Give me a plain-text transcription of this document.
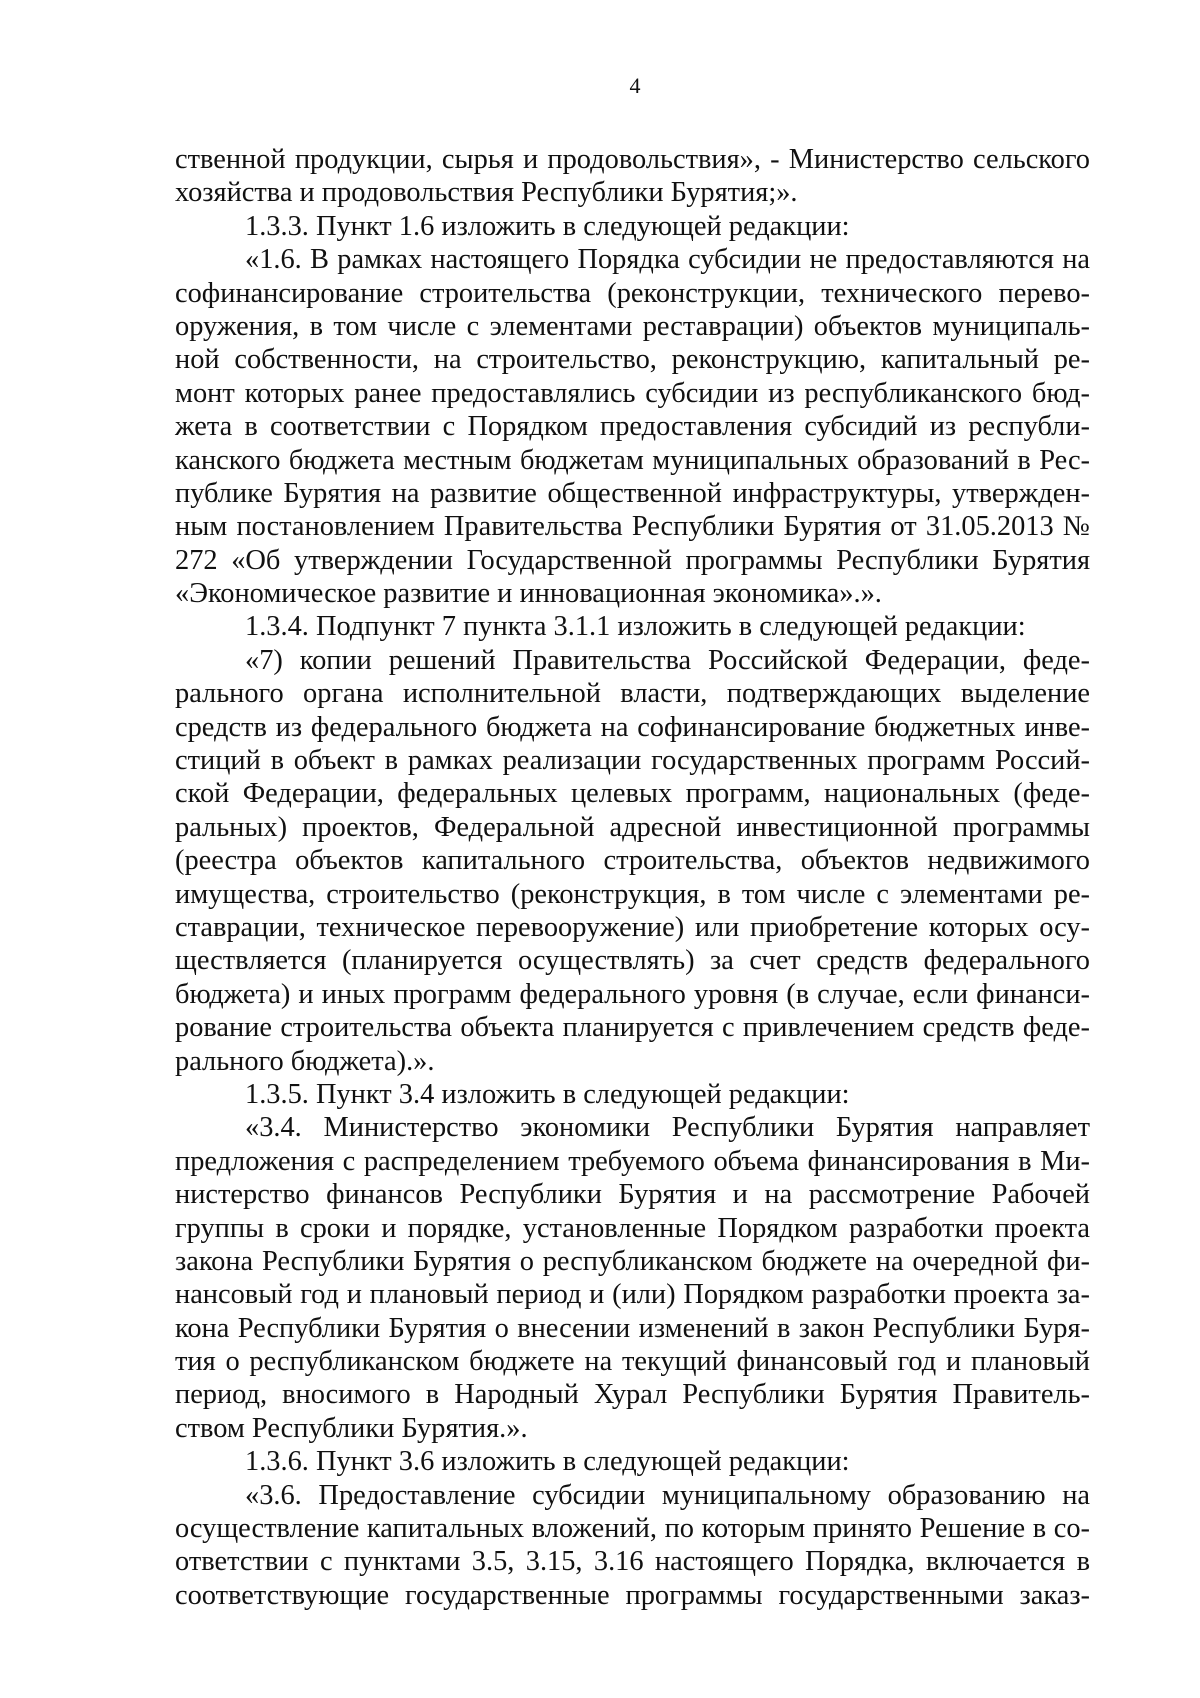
4
ственной продукции, сырья и продовольствия», - Министерство сельского
хозяйства и продовольствия Республики Бурятия;».
1.3.3. Пункт 1.6 изложить в следующей редакции:
«1.6. В рамках настоящего Порядка субсидии не предоставляются на
софинансирование строительства (реконструкции, технического перево-
оружения, в том числе с элементами реставрации) объектов муниципаль-
ной собственности, на строительство, реконструкцию, капитальный ре-
монт которых ранее предоставлялись субсидии из республиканского бюд-
жета в соответствии с Порядком предоставления субсидий из республи-
канского бюджета местным бюджетам муниципальных образований в Рес-
публике Бурятия на развитие общественной инфраструктуры, утвержден-
ным постановлением Правительства Республики Бурятия от 31.05.2013 №
272 «Об утверждении Государственной программы Республики Бурятия
«Экономическое развитие и инновационная экономика».».
1.3.4. Подпункт 7 пункта 3.1.1 изложить в следующей редакции:
«7) копии решений Правительства Российской Федерации, феде-
рального органа исполнительной власти, подтверждающих выделение
средств из федерального бюджета на софинансирование бюджетных инве-
стиций в объект в рамках реализации государственных программ Россий-
ской Федерации, федеральных целевых программ, национальных (феде-
ральных) проектов, Федеральной адресной инвестиционной программы
(реестра объектов капитального строительства, объектов недвижимого
имущества, строительство (реконструкция, в том числе с элементами ре-
ставрации, техническое перевооружение) или приобретение которых осу-
ществляется (планируется осуществлять) за счет средств федерального
бюджета) и иных программ федерального уровня (в случае, если финанси-
рование строительства объекта планируется с привлечением средств феде-
рального бюджета).».
1.3.5. Пункт 3.4 изложить в следующей редакции:
«3.4. Министерство экономики Республики Бурятия направляет
предложения с распределением требуемого объема финансирования в Ми-
нистерство финансов Республики Бурятия и на рассмотрение Рабочей
группы в сроки и порядке, установленные Порядком разработки проекта
закона Республики Бурятия о республиканском бюджете на очередной фи-
нансовый год и плановый период и (или) Порядком разработки проекта за-
кона Республики Бурятия о внесении изменений в закон Республики Буря-
тия о республиканском бюджете на текущий финансовый год и плановый
период, вносимого в Народный Хурал Республики Бурятия Правитель-
ством Республики Бурятия.».
1.3.6. Пункт 3.6 изложить в следующей редакции:
«3.6. Предоставление субсидии муниципальному образованию на
осуществление капитальных вложений, по которым принято Решение в со-
ответствии с пунктами 3.5, 3.15, 3.16 настоящего Порядка, включается в
соответствующие государственные программы государственными заказ-
